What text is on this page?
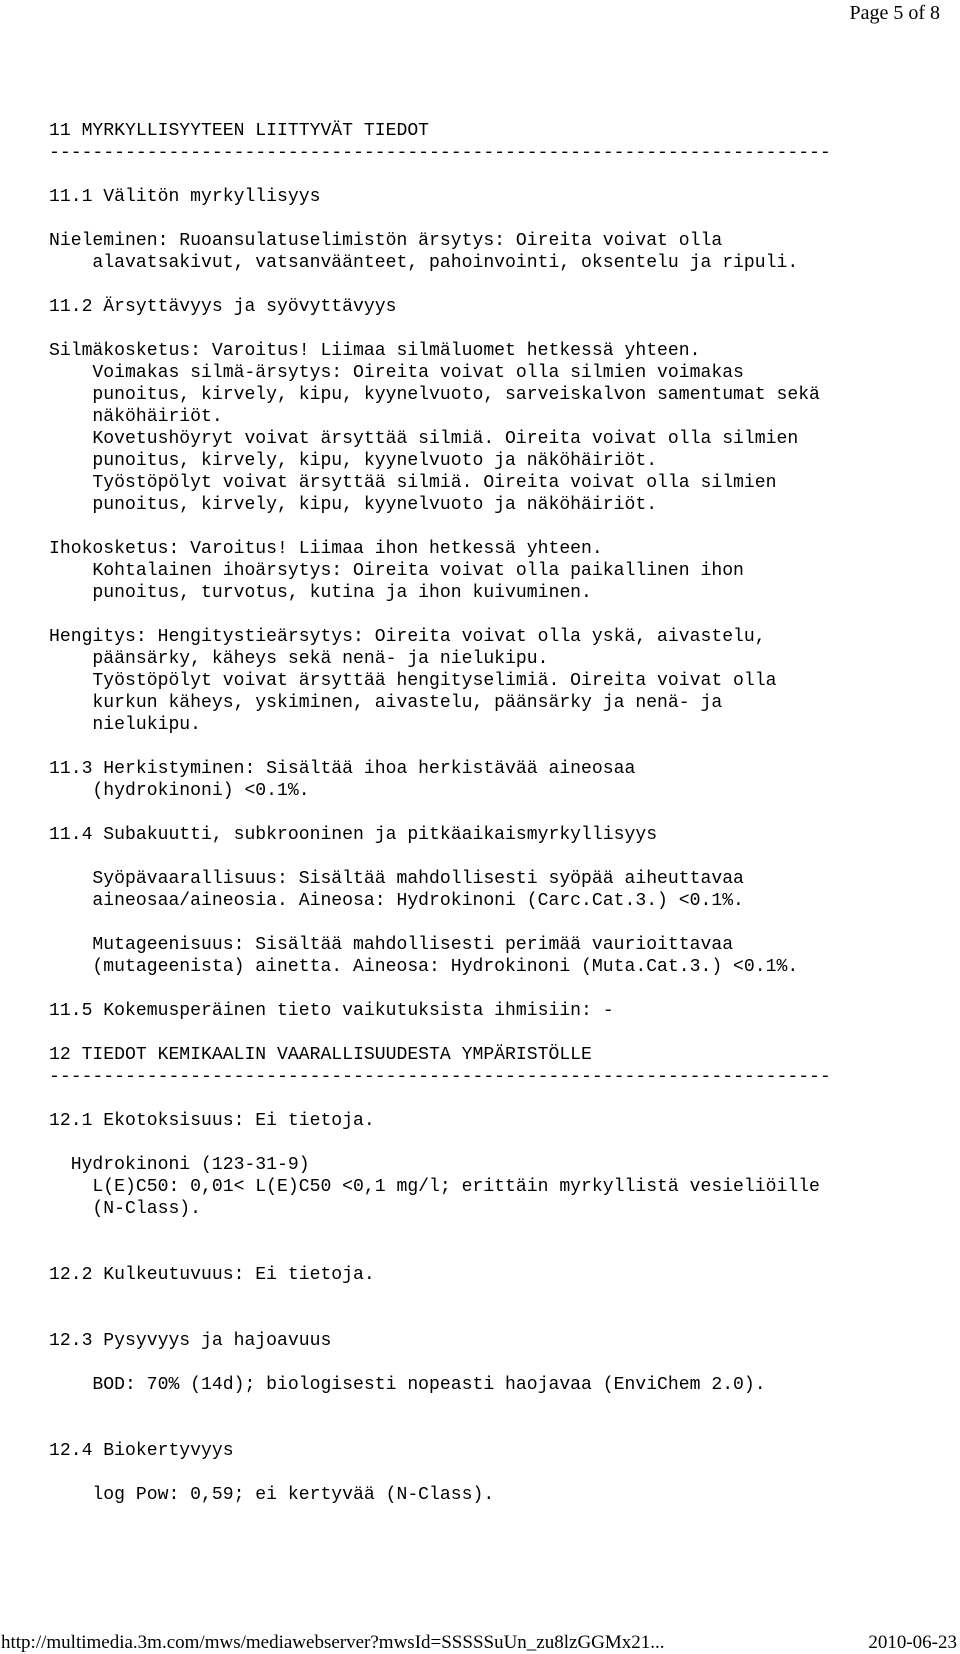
Page 5 of 8
11 MYRKYLLISYYTEEN LIITTYVÄT TIEDOT
------------------------------------------------------------------------
11.1 Välitön myrkyllisyys
Nieleminen: Ruoansulatuselimistön ärsytys: Oireita voivat olla
alavatsakivut, vatsanväänteet, pahoinvointi, oksentelu ja ripuli.
11.2 Ärsyttävyys ja syövyttävyys
Silmäkosketus: Varoitus! Liimaa silmäluomet hetkessä yhteen.
Voimakas silmä-ärsytys: Oireita voivat olla silmien voimakas
punoitus, kirvely, kipu, kyynelvuoto, sarveiskalvon samentumat sekä
näköhäiriöt.
Kovetushöyryt voivat ärsyttää silmiä. Oireita voivat olla silmien
punoitus, kirvely, kipu, kyynelvuoto ja näköhäiriöt.
Työstöpölyt voivat ärsyttää silmiä. Oireita voivat olla silmien
punoitus, kirvely, kipu, kyynelvuoto ja näköhäiriöt.
Ihokosketus: Varoitus! Liimaa ihon hetkessä yhteen.
Kohtalainen ihoärsytys: Oireita voivat olla paikallinen ihon
punoitus, turvotus, kutina ja ihon kuivuminen.
Hengitys: Hengitystieärsytys: Oireita voivat olla yskä, aivastelu,
päänsärky, käheys sekä nenä- ja nielukipu.
Työstöpölyt voivat ärsyttää hengityselimiä. Oireita voivat olla
kurkun käheys, yskiminen, aivastelu, päänsärky ja nenä- ja
nielukipu.
11.3 Herkistyminen: Sisältää ihoa herkistävää aineosaa
(hydrokinoni) <0.1%.
11.4 Subakuutti, subkrooninen ja pitkäaikaismyrkyllisyys
Syöpävaarallisuus: Sisältää mahdollisesti syöpää aiheuttavaa
aineosaa/aineosia. Aineosa: Hydrokinoni (Carc.Cat.3.) <0.1%.
Mutageenisuus: Sisältää mahdollisesti perimää vaurioittavaa
(mutageenista) ainetta. Aineosa: Hydrokinoni (Muta.Cat.3.) <0.1%.
11.5 Kokemusperäinen tieto vaikutuksista ihmisiin: -
12 TIEDOT KEMIKAALIN VAARALLISUUDESTA YMPÄRISTÖLLE
------------------------------------------------------------------------
12.1 Ekotoksisuus: Ei tietoja.
Hydrokinoni (123-31-9)
L(E)C50: 0,01< L(E)C50 <0,1 mg/l; erittäin myrkyllistä vesieliöille
(N-Class).
12.2 Kulkeutuvuus: Ei tietoja.
12.3 Pysyvyys ja hajoavuus
BOD: 70% (14d); biologisesti nopeasti haojavaa (EnviChem 2.0).
12.4 Biokertyvyys
log Pow: 0,59; ei kertyvää (N-Class).
http://multimedia.3m.com/mws/mediawebserver?mwsId=SSSSSuUn_zu8lzGGMx21...	2010-06-23
